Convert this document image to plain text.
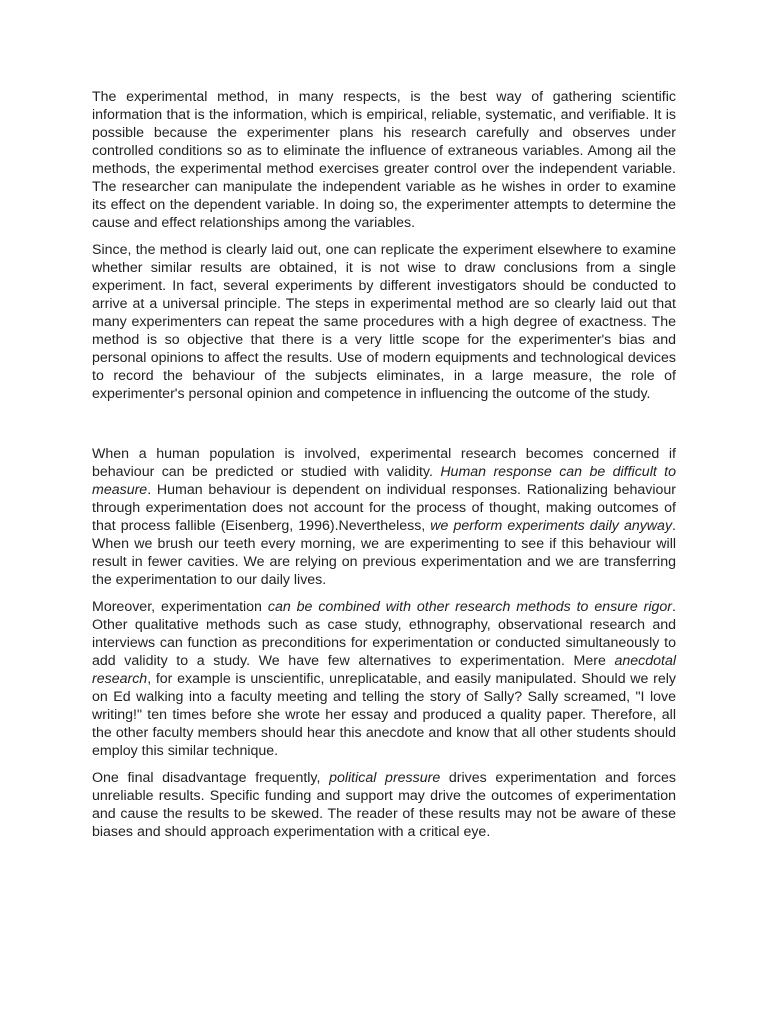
The experimental method, in many respects, is the best way of gathering scientific information that is the information, which is empirical, reliable, systematic, and verifiable. It is possible because the experimenter plans his research carefully and observes under controlled conditions so as to eliminate the influence of extraneous variables. Among ail the methods, the experimental method exercises greater control over the independent variable. The researcher can manipulate the independent variable as he wishes in order to examine its effect on the dependent variable. In doing so, the experimenter attempts to determine the cause and effect relationships among the variables.

Since, the method is clearly laid out, one can replicate the experiment elsewhere to examine whether similar results are obtained, it is not wise to draw conclusions from a single experiment. In fact, several experiments by different investigators should be conducted to arrive at a universal principle. The steps in experimental method are so clearly laid out that many experimenters can repeat the same procedures with a high degree of exactness. The method is so objective that there is a very little scope for the experimenter's bias and personal opinions to affect the results. Use of modern equipments and technological devices to record the behaviour of the subjects eliminates, in a large measure, the role of experimenter's personal opinion and competence in influencing the outcome of the study.

When a human population is involved, experimental research becomes concerned if behaviour can be predicted or studied with validity. Human response can be difficult to measure. Human behaviour is dependent on individual responses. Rationalizing behaviour through experimentation does not account for the process of thought, making outcomes of that process fallible (Eisenberg, 1996).Nevertheless, we perform experiments daily anyway. When we brush our teeth every morning, we are experimenting to see if this behaviour will result in fewer cavities. We are relying on previous experimentation and we are transferring the experimentation to our daily lives.

Moreover, experimentation can be combined with other research methods to ensure rigor. Other qualitative methods such as case study, ethnography, observational research and interviews can function as preconditions for experimentation or conducted simultaneously to add validity to a study. We have few alternatives to experimentation. Mere anecdotal research, for example is unscientific, unreplicatable, and easily manipulated. Should we rely on Ed walking into a faculty meeting and telling the story of Sally? Sally screamed, "I love writing!" ten times before she wrote her essay and produced a quality paper. Therefore, all the other faculty members should hear this anecdote and know that all other students should employ this similar technique.

One final disadvantage frequently, political pressure drives experimentation and forces unreliable results. Specific funding and support may drive the outcomes of experimentation and cause the results to be skewed. The reader of these results may not be aware of these biases and should approach experimentation with a critical eye.
